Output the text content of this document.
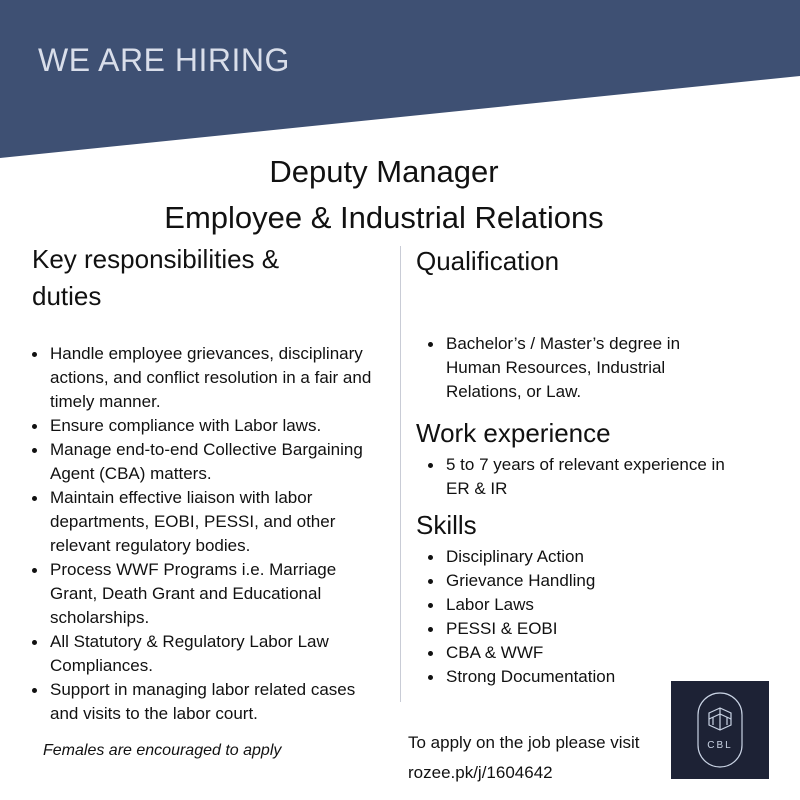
WE ARE HIRING
Deputy Manager
Employee & Industrial Relations
Key responsibilities &
duties
Handle employee grievances, disciplinary actions, and conflict resolution in a fair and timely manner.
Ensure compliance with Labor laws.
Manage end-to-end Collective Bargaining Agent (CBA) matters.
Maintain effective liaison with labor departments, EOBI, PESSI, and other relevant regulatory bodies.
Process WWF Programs i.e. Marriage Grant, Death Grant and Educational scholarships.
All Statutory & Regulatory Labor Law Compliances.
Support in managing labor related cases and visits to the labor court.
Qualification
Bachelor’s / Master’s degree in Human Resources, Industrial Relations, or Law.
Work experience
5 to 7 years of relevant experience in ER & IR
Skills
Disciplinary Action
Grievance Handling
Labor Laws
PESSI & EOBI
CBA & WWF
Strong Documentation
Females are encouraged to apply	To apply on the job please visit
rozee.pk/j/1604642
CBL
